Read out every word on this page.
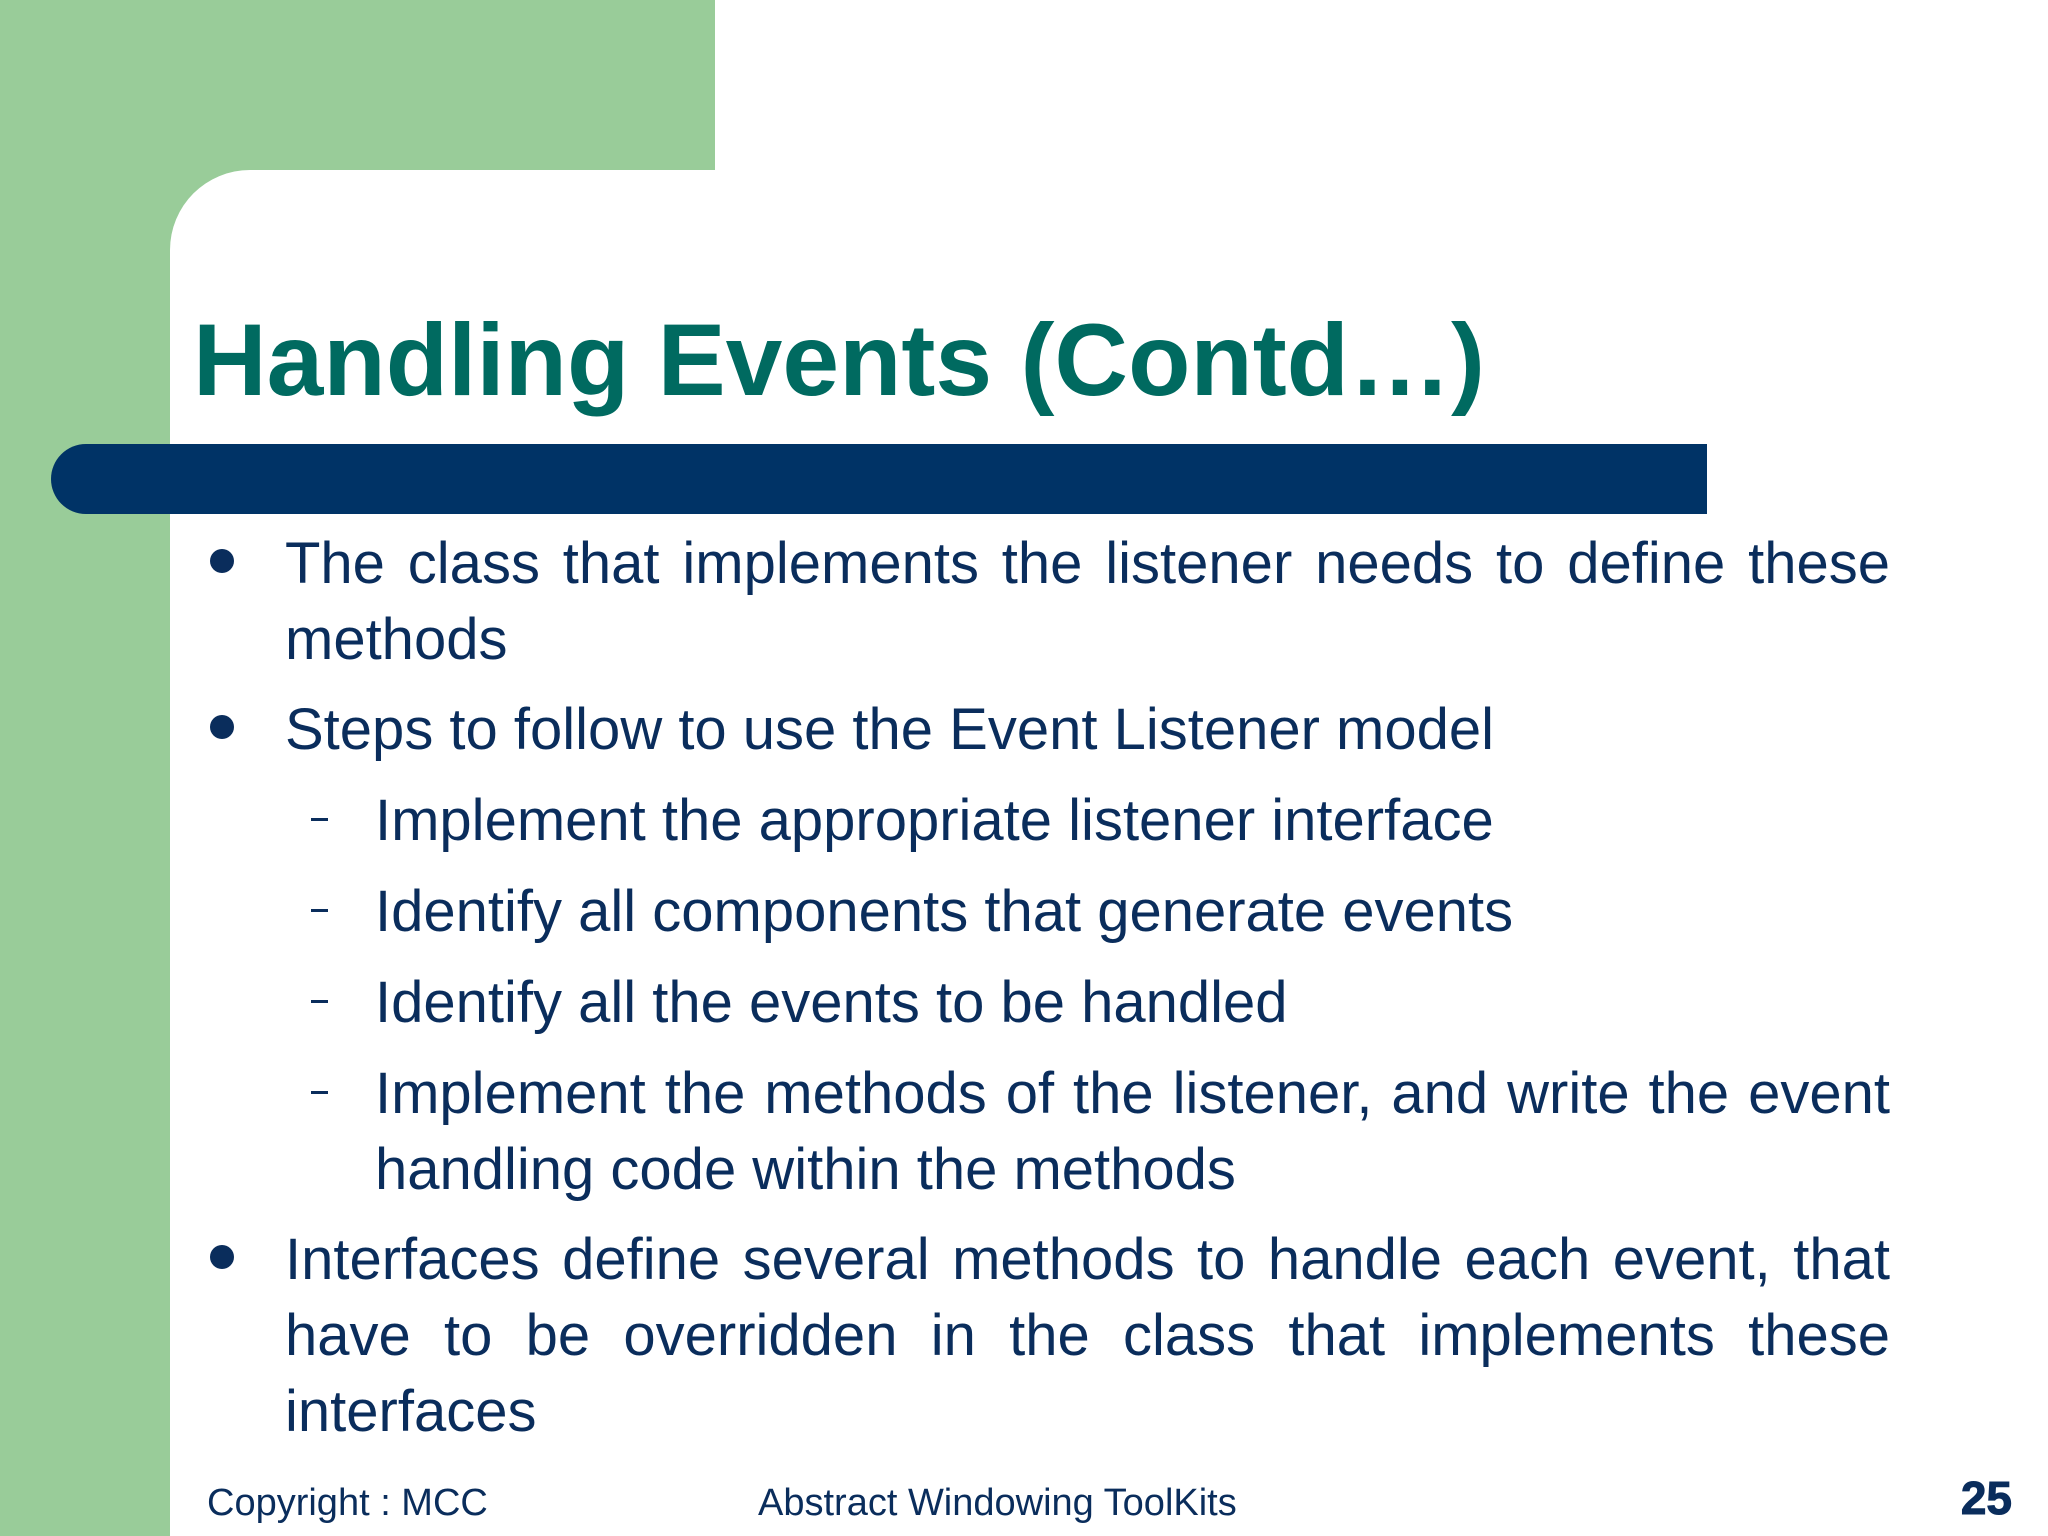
Handling Events (Contd…)
The class that implements the listener needs to define these methods
Steps to follow to use the Event Listener model
Implement the appropriate listener interface
Identify all components that generate events
Identify all the events to be handled
Implement the methods of the listener, and write the event handling code within the methods
Interfaces define several methods to handle each event, that have to be overridden in the class that implements these interfaces
Copyright : MCC	Abstract Windowing ToolKits	25
